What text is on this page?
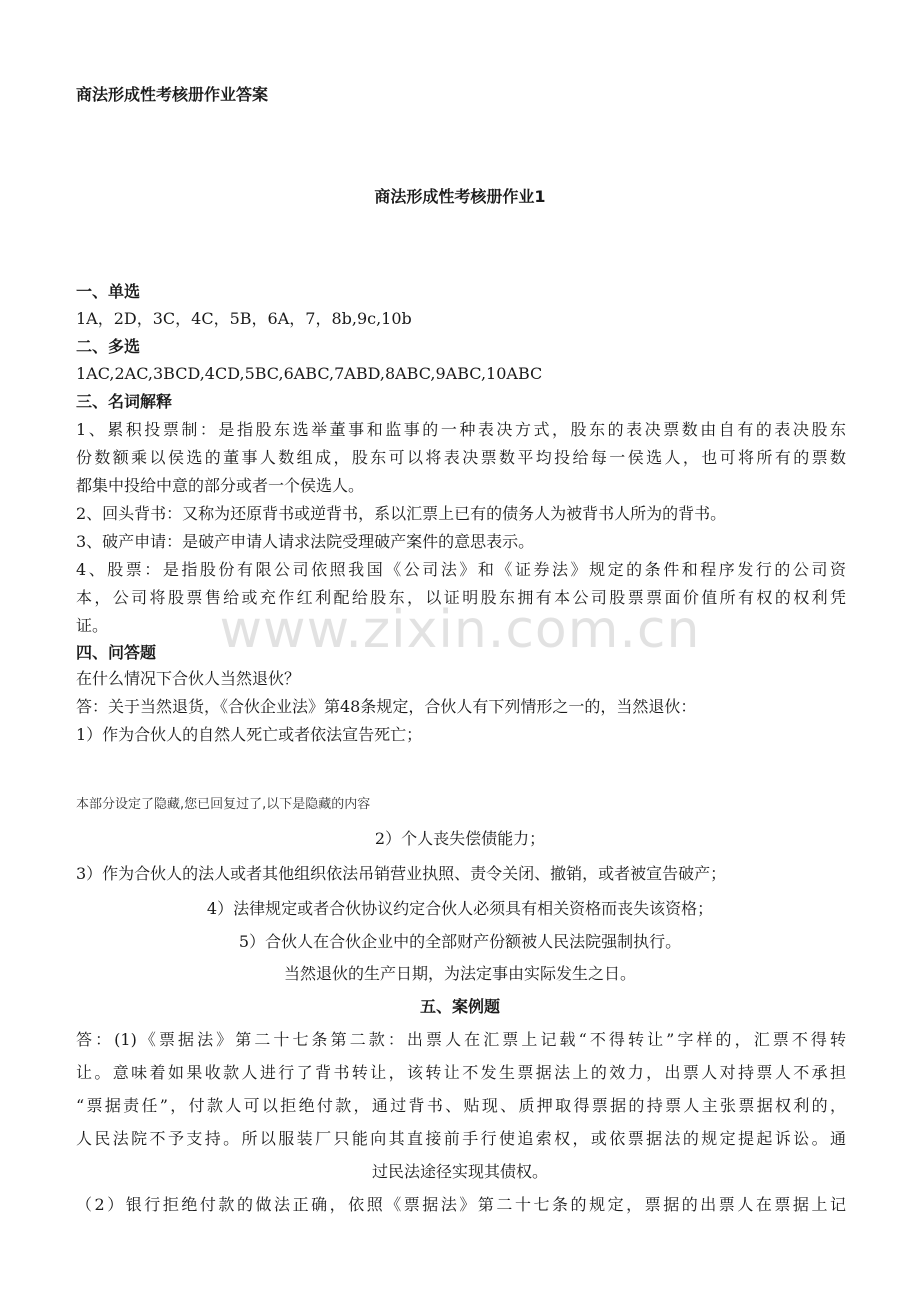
商法形成性考核册作业答案
商法形成性考核册作业1
一、单选
1A，2D，3C，4C，5B，6A，7，8b,9c,10b
二、多选
1AC,2AC,3BCD,4CD,5BC,6ABC,7ABD,8ABC,9ABC,10ABC
三、名词解释
1、累积投票制：是指股东选举董事和监事的一种表决方式，股东的表决票数由自有的表决股东
份数额乘以侯选的董事人数组成，股东可以将表决票数平均投给每一侯选人，也可将所有的票数
都集中投给中意的部分或者一个侯选人。
2、回头背书：又称为还原背书或逆背书，系以汇票上已有的债务人为被背书人所为的背书。
3、破产申请：是破产申请人请求法院受理破产案件的意思表示。
4、股票：是指股份有限公司依照我国《公司法》和《证券法》规定的条件和程序发行的公司资
本，公司将股票售给或充作红利配给股东，以证明股东拥有本公司股票票面价值所有权的权利凭
证。
四、问答题
在什么情况下合伙人当然退伙？
答：关于当然退货，《合伙企业法》第48条规定，合伙人有下列情形之一的，当然退伙：
1）作为合伙人的自然人死亡或者依法宣告死亡；
本部分设定了隐藏,您已回复过了,以下是隐藏的内容
2）个人丧失偿债能力；
3）作为合伙人的法人或者其他组织依法吊销营业执照、责令关闭、撤销，或者被宣告破产；
4）法律规定或者合伙协议约定合伙人必须具有相关资格而丧失该资格；
5）合伙人在合伙企业中的全部财产份额被人民法院强制执行。
当然退伙的生产日期，为法定事由实际发生之日。
五、案例题
答：(1)《票据法》第二十七条第二款：出票人在汇票上记载“不得转让”字样的，汇票不得转
让。意味着如果收款人进行了背书转让，该转让不发生票据法上的效力，出票人对持票人不承担
“票据责任”，付款人可以拒绝付款，通过背书、贴现、质押取得票据的持票人主张票据权利的，
人民法院不予支持。所以服装厂只能向其直接前手行使追索权，或依票据法的规定提起诉讼。通
过民法途径实现其债权。
（2）银行拒绝付款的做法正确，依照《票据法》第二十七条的规定，票据的出票人在票据上记
www.zixin.com.cn
